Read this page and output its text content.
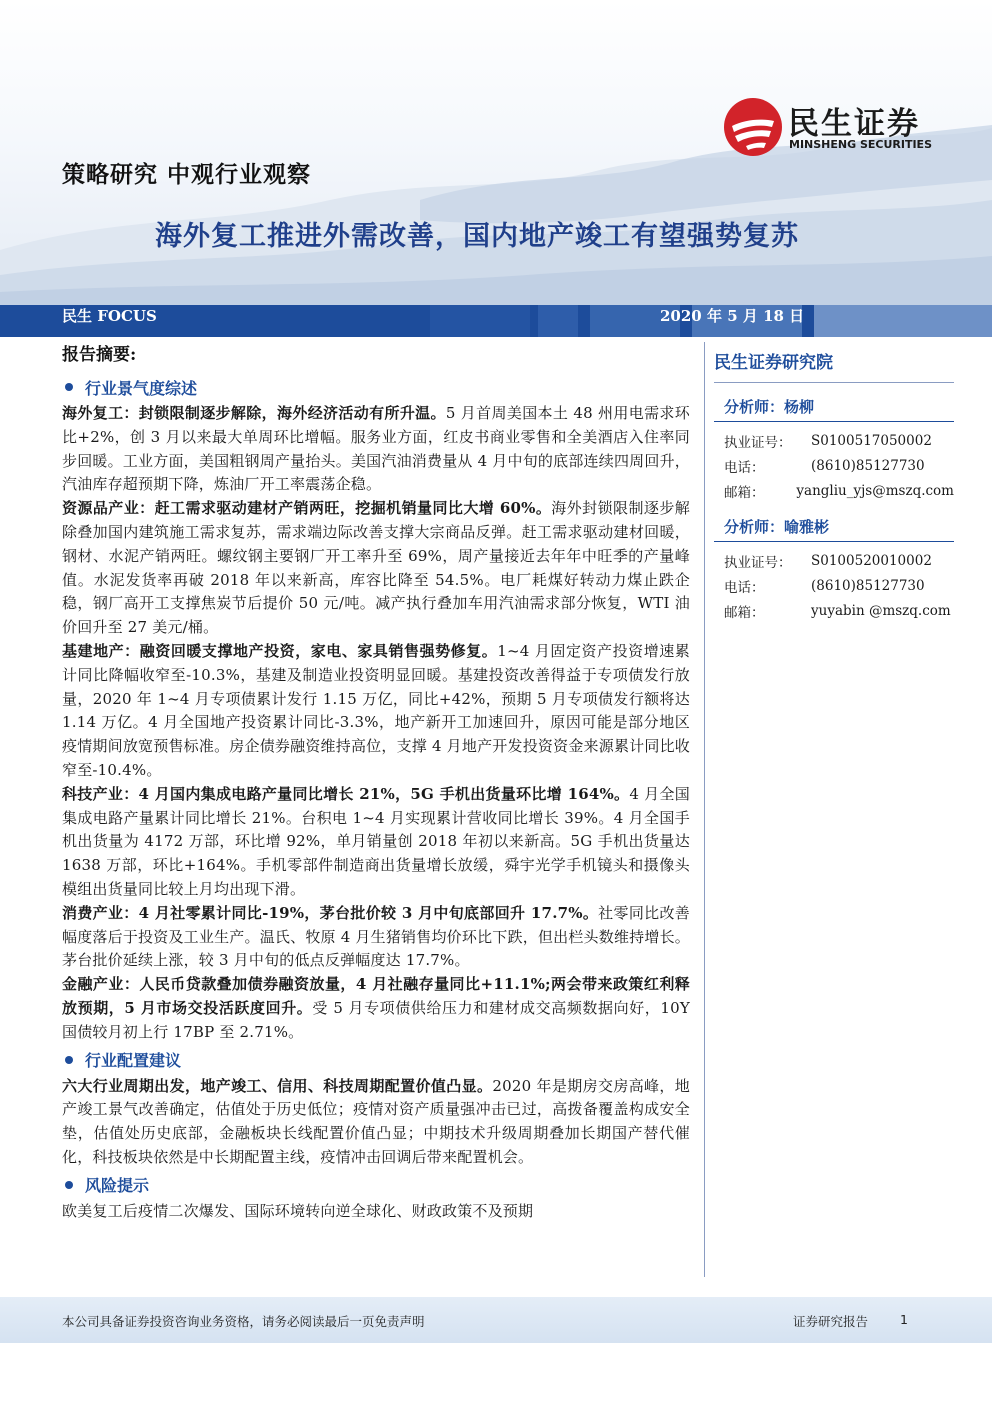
民生证券
MINSHENG SECURITIES
策略研究 中观行业观察
海外复工推进外需改善，国内地产竣工有望强势复苏
民生 FOCUS	2020 年 5 月 18 日
报告摘要:
行业景气度综述

海外复工：封锁限制逐步解除，海外经济活动有所升温。5 月首周美国本土 48 州用电需求环比+2%，创 3 月以来最大单周环比增幅。服务业方面，红皮书商业零售和全美酒店入住率同步回暖。工业方面，美国粗钢周产量抬头。美国汽油消费量从 4 月中旬的底部连续四周回升，汽油库存超预期下降，炼油厂开工率震荡企稳。

资源品产业：赶工需求驱动建材产销两旺，挖掘机销量同比大增 60%。海外封锁限制逐步解除叠加国内建筑施工需求复苏，需求端边际改善支撑大宗商品反弹。赶工需求驱动建材回暖，钢材、水泥产销两旺。螺纹钢主要钢厂开工率升至 69%，周产量接近去年年中旺季的产量峰值。水泥发货率再破 2018 年以来新高，库容比降至 54.5%。电厂耗煤好转动力煤止跌企稳，钢厂高开工支撑焦炭节后提价 50 元/吨。减产执行叠加车用汽油需求部分恢复，WTI 油价回升至 27 美元/桶。

基建地产：融资回暖支撑地产投资，家电、家具销售强势修复。1~4 月固定资产投资增速累计同比降幅收窄至-10.3%，基建及制造业投资明显回暖。基建投资改善得益于专项债发行放量，2020 年 1~4 月专项债累计发行 1.15 万亿，同比+42%，预期 5 月专项债发行额将达 1.14 万亿。4 月全国地产投资累计同比-3.3%，地产新开工加速回升，原因可能是部分地区疫情期间放宽预售标准。房企债券融资维持高位，支撑 4 月地产开发投资资金来源累计同比收窄至-10.4%。

科技产业：4 月国内集成电路产量同比增长 21%，5G 手机出货量环比增 164%。4 月全国集成电路产量累计同比增长 21%。台积电 1~4 月实现累计营收同比增长 39%。4 月全国手机出货量为 4172 万部，环比增 92%，单月销量创 2018 年初以来新高。5G 手机出货量达 1638 万部，环比+164%。手机零部件制造商出货量增长放缓，舜宇光学手机镜头和摄像头模组出货量同比较上月均出现下滑。

消费产业：4 月社零累计同比-19%，茅台批价较 3 月中旬底部回升 17.7%。社零同比改善幅度落后于投资及工业生产。温氏、牧原 4 月生猪销售均价环比下跌，但出栏头数维持增长。茅台批价延续上涨，较 3 月中旬的低点反弹幅度达 17.7%。

金融产业：人民币贷款叠加债券融资放量，4 月社融存量同比+11.1%;两会带来政策红利释放预期，5 月市场交投活跃度回升。受 5 月专项债供给压力和建材成交高频数据向好，10Y 国债较月初上行 17BP 至 2.71%。

行业配置建议

六大行业周期出发，地产竣工、信用、科技周期配置价值凸显。2020 年是期房交房高峰，地产竣工景气改善确定，估值处于历史低位；疫情对资产质量强冲击已过，高拨备覆盖构成安全垫，估值处历史底部，金融板块长线配置价值凸显；中期技术升级周期叠加长期国产替代催化，科技板块依然是中长期配置主线，疫情冲击回调后带来配置机会。

风险提示

欧美复工后疫情二次爆发、国际环境转向逆全球化、财政政策不及预期

民生证券研究院
分析师：杨柳
执业证号：	S0100517050002
电话：	(8610)85127730
邮箱：	yangliu_yjs@mszq.com
分析师：喻雅彬
执业证号：	S0100520010002
电话：	(8610)85127730
邮箱：	yuyabin @mszq.com
本公司具备证券投资咨询业务资格，请务必阅读最后一页免责声明	证券研究报告	1
